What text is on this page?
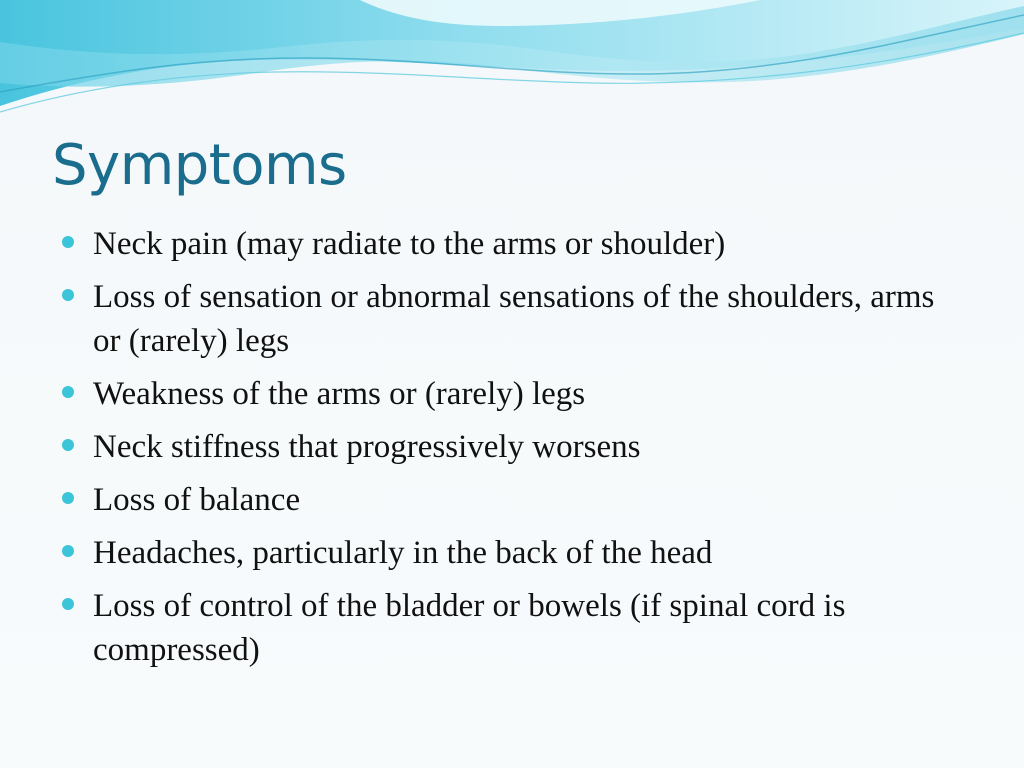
Symptoms
Neck pain (may radiate to the arms or shoulder)
Loss of sensation or abnormal sensations of the shoulders, arms or (rarely) legs
Weakness of the arms or (rarely) legs
Neck stiffness that progressively worsens
Loss of balance
Headaches, particularly in the back of the head
Loss of control of the bladder or bowels (if spinal cord is compressed)
